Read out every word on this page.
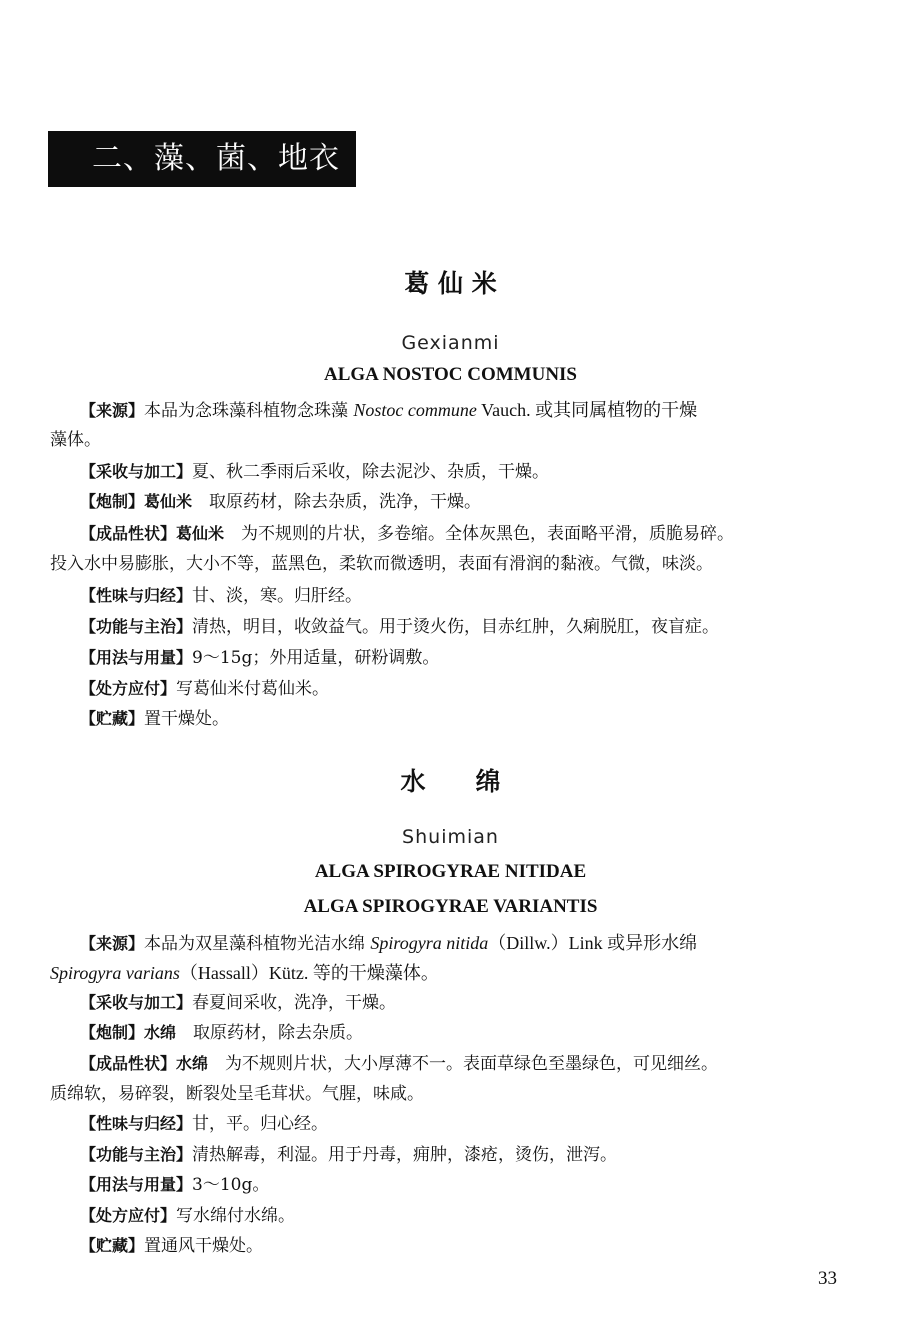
二、藻、菌、地衣类
葛 仙 米
Gexianmi
ALGA NOSTOC COMMUNIS
【来源】本品为念珠藻科植物念珠藻 Nostoc commune Vauch. 或其同属植物的干燥
藻体。
【采收与加工】夏、秋二季雨后采收，除去泥沙、杂质，干燥。
【炮制】葛仙米　取原药材，除去杂质，洗净，干燥。
【成品性状】葛仙米　为不规则的片状，多卷缩。全体灰黑色，表面略平滑，质脆易碎。
投入水中易膨胀，大小不等，蓝黑色，柔软而微透明，表面有滑润的黏液。气微，味淡。
【性味与归经】甘、淡，寒。归肝经。
【功能与主治】清热，明目，收敛益气。用于烫火伤，目赤红肿，久痢脱肛，夜盲症。
【用法与用量】9～15g；外用适量，研粉调敷。
【处方应付】写葛仙米付葛仙米。
【贮藏】置干燥处。
水　　绵
Shuimian
ALGA SPIROGYRAE NITIDAE
ALGA SPIROGYRAE VARIANTIS
【来源】本品为双星藻科植物光洁水绵 Spirogyra nitida（Dillw.）Link 或异形水绵
Spirogyra varians（Hassall）Kütz. 等的干燥藻体。
【采收与加工】春夏间采收，洗净，干燥。
【炮制】水绵　取原药材，除去杂质。
【成品性状】水绵　为不规则片状，大小厚薄不一。表面草绿色至墨绿色，可见细丝。
质绵软，易碎裂，断裂处呈毛茸状。气腥，味咸。
【性味与归经】甘，平。归心经。
【功能与主治】清热解毒，利湿。用于丹毒，痈肿，漆疮，烫伤，泄泻。
【用法与用量】3～10g。
【处方应付】写水绵付水绵。
【贮藏】置通风干燥处。
33
